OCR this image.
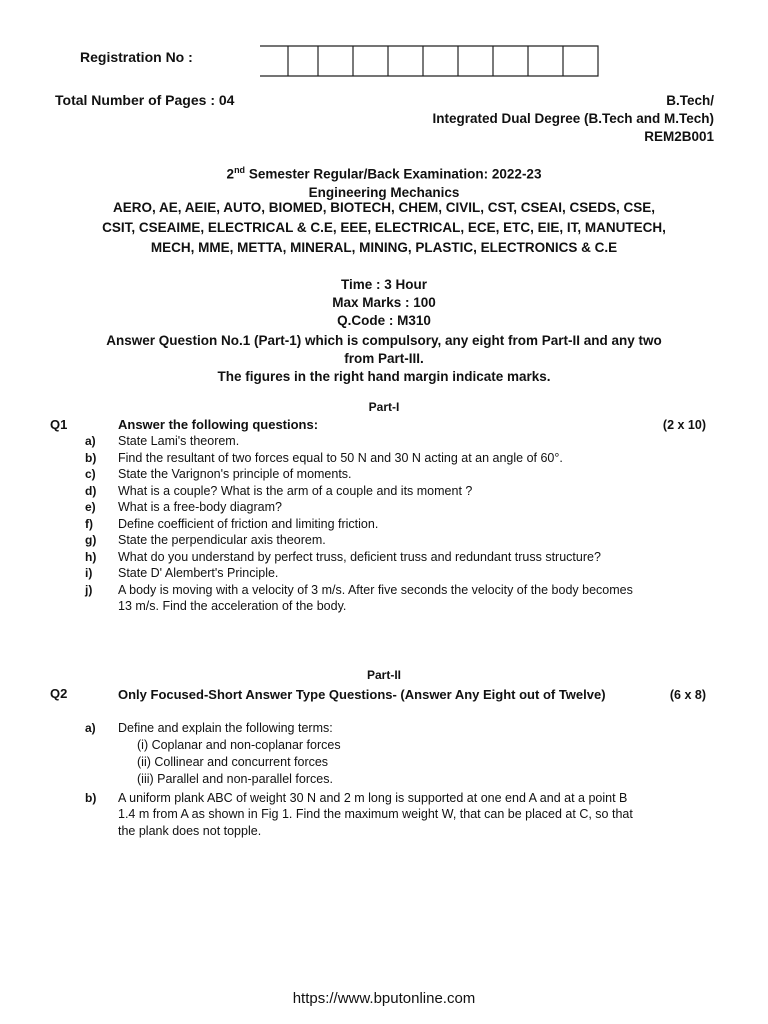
Registration No :
Total Number of Pages : 04	B.Tech/
Integrated Dual Degree (B.Tech and M.Tech)
REM2B001
2nd Semester Regular/Back Examination: 2022-23
Engineering Mechanics
AERO, AE, AEIE, AUTO, BIOMED, BIOTECH, CHEM, CIVIL, CST, CSEAI, CSEDS, CSE,
CSIT, CSEAIME, ELECTRICAL & C.E, EEE, ELECTRICAL, ECE, ETC, EIE, IT, MANUTECH,
MECH, MME, METTA, MINERAL, MINING, PLASTIC, ELECTRONICS & C.E
Time : 3 Hour
Max Marks : 100
Q.Code : M310
Answer Question No.1 (Part-1) which is compulsory, any eight from Part-II and any two
from Part-III.
The figures in the right hand margin indicate marks.
Part-I
Q1	Answer the following questions:	(2 x 10)
a)	State Lami's theorem.
b)	Find the resultant of two forces equal to 50 N and 30 N acting at an angle of 60°.
c)	State the Varignon's principle of moments.
d)	What is a couple? What is the arm of a couple and its moment ?
e)	What is a free-body diagram?
f)	Define coefficient of friction and limiting friction.
g)	State the perpendicular axis theorem.
h)	What do you understand by perfect truss, deficient truss and redundant truss structure?
i)	State D' Alembert's Principle.
j)	A body is moving with a velocity of 3 m/s. After five seconds the velocity of the body becomes 13 m/s. Find the acceleration of the body.
Part-II
Q2	Only Focused-Short Answer Type Questions- (Answer Any Eight out of Twelve)	(6 x 8)
a)	Define and explain the following terms:
(i) Coplanar and non-coplanar forces
(ii) Collinear and concurrent forces
(iii) Parallel and non-parallel forces.
b)	A uniform plank ABC of weight 30 N and 2 m long is supported at one end A and at a point B 1.4 m from A as shown in Fig 1. Find the maximum weight W, that can be placed at C, so that the plank does not topple.
https://www.bputonline.com
